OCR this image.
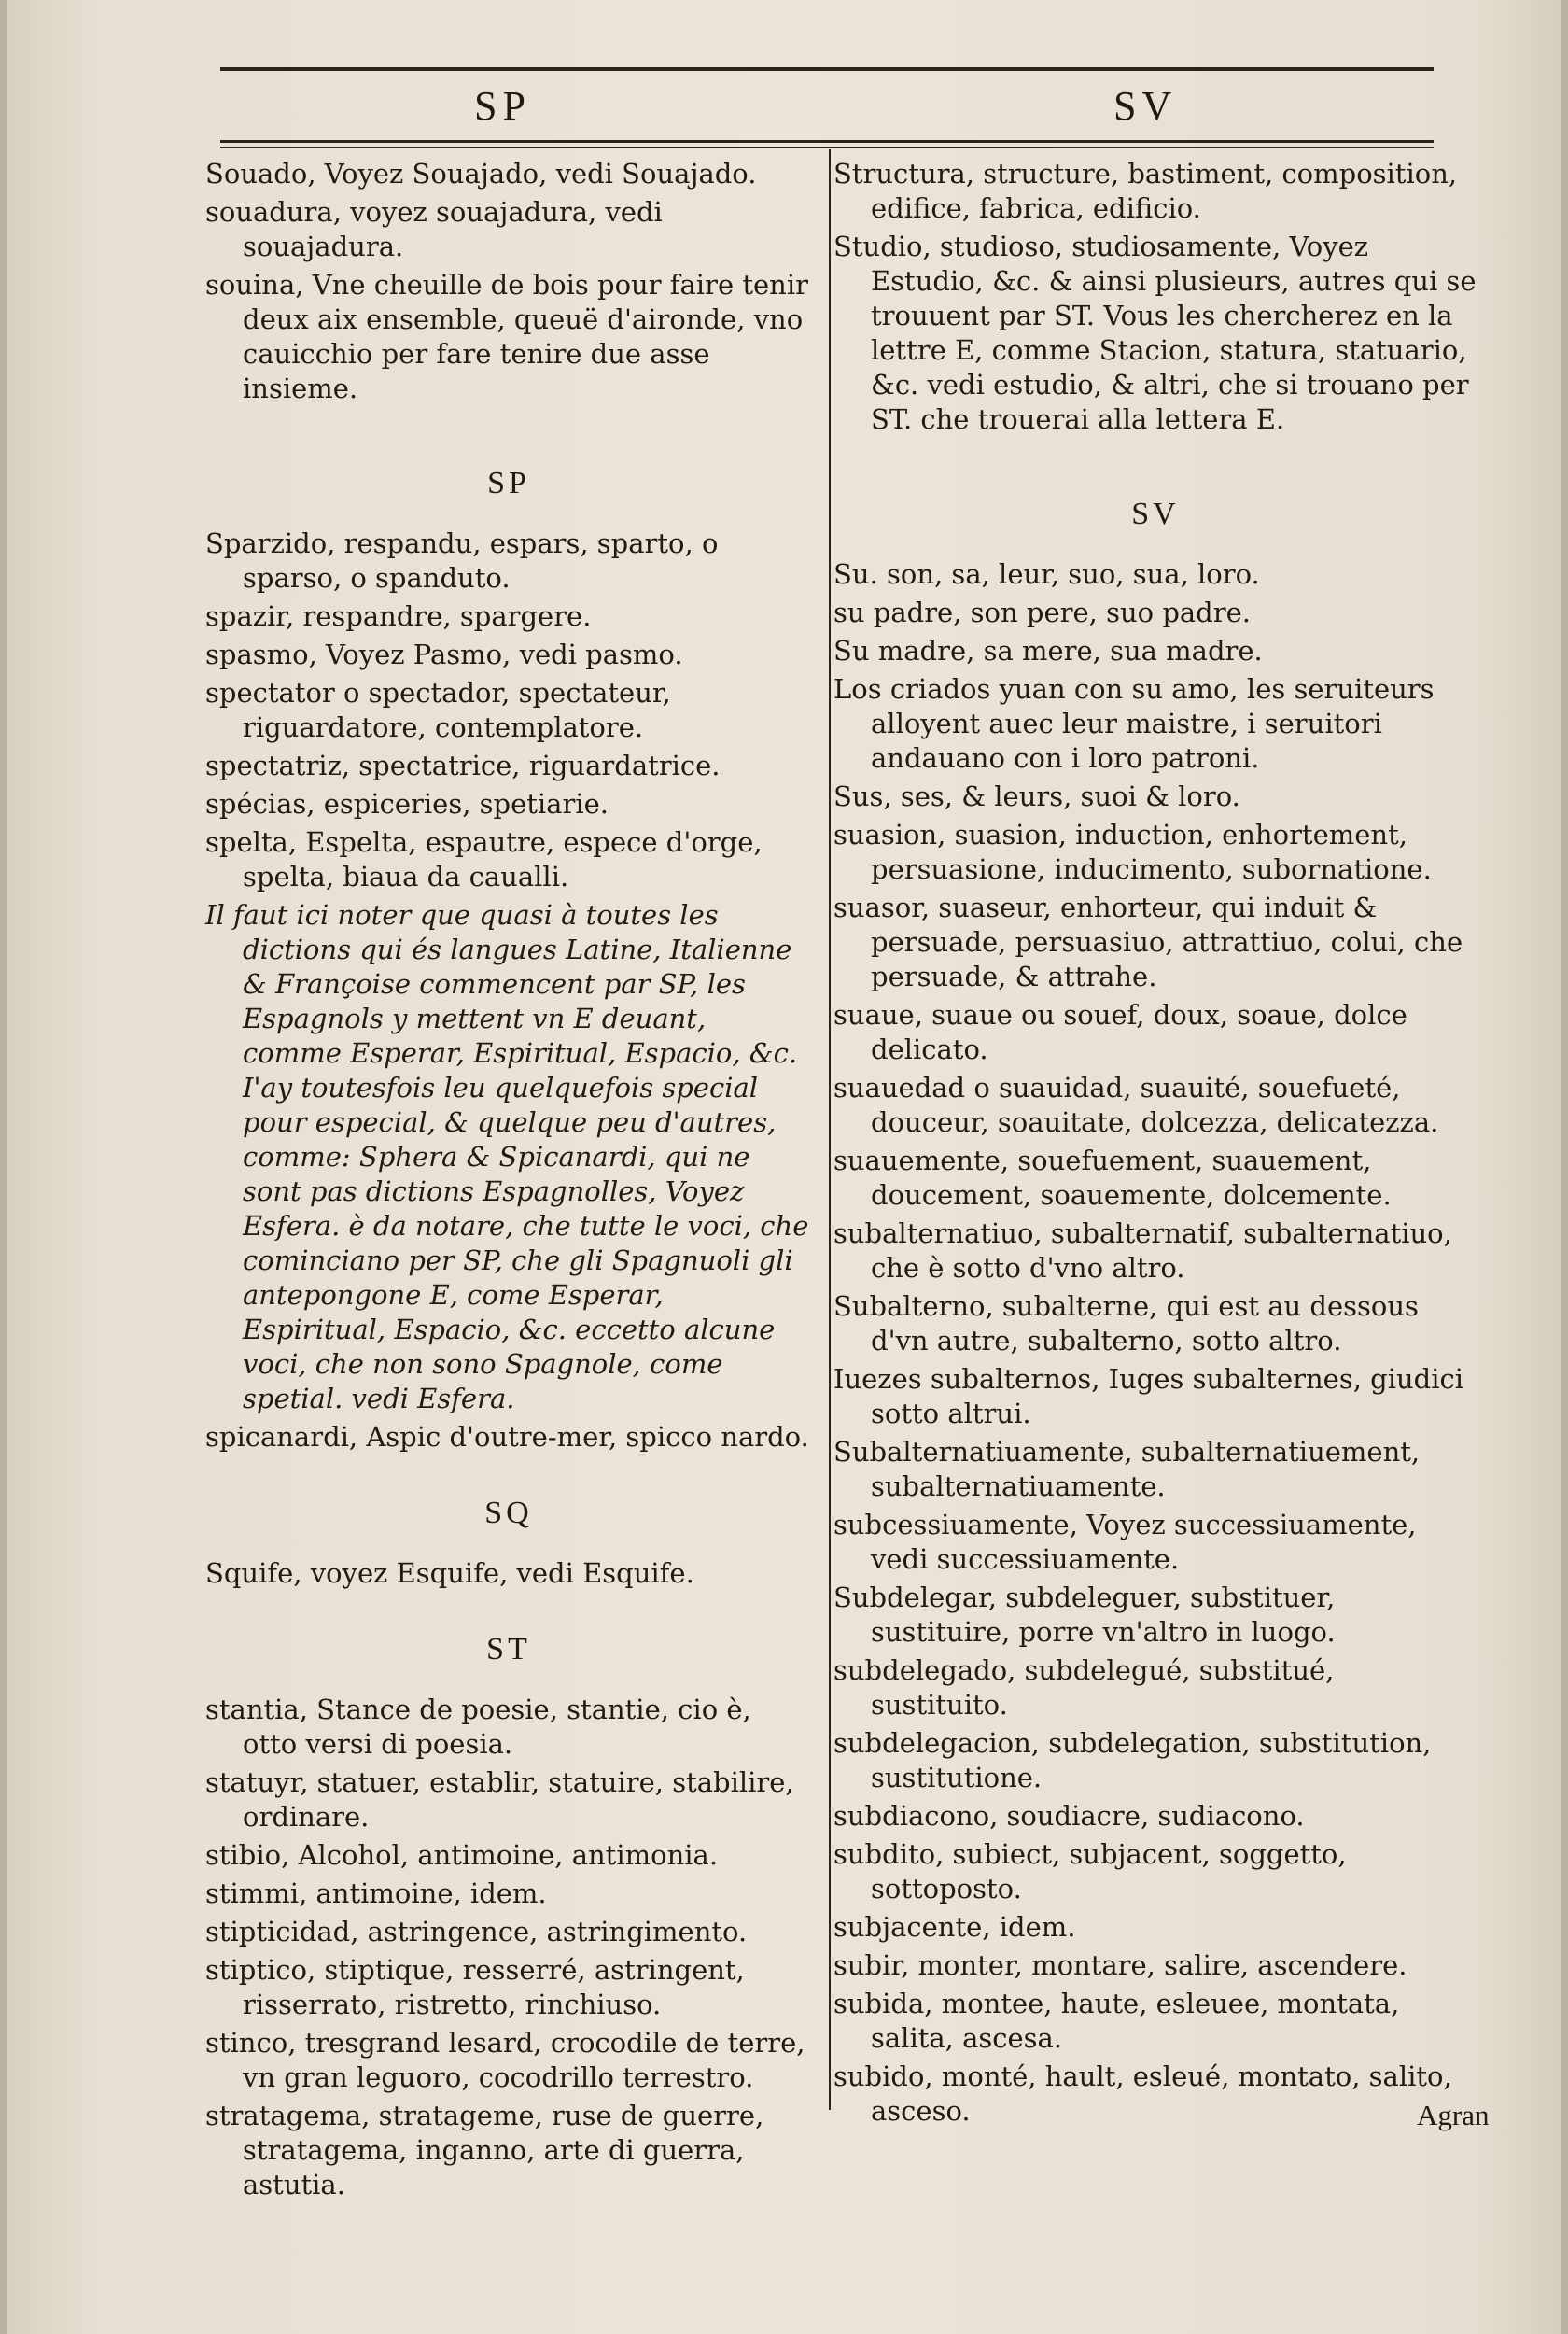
SP	SV
Souado, Voyez Souajado, vedi Souajado.
souadura, voyez souajadura, vedi souajadura.
souina, Vne cheuille de bois pour faire tenir deux aix ensemble, queuë d'aironde, vno cauicchio per fare tenire due asse insieme.
SP
Sparzido, respandu, espars, sparto, o sparso, o spanduto.
spazir, respandre, spargere.
spasmo, Voyez Pasmo, vedi pasmo.
spectator o spectador, spectateur, riguardatore, contemplatore.
spectatriz, spectatrice, riguardatrice.
spécias, espiceries, spetiarie.
spelta, Espelta, espautre, espece d'orge, spelta, biaua da caualli.
Il faut ici noter que quasi à toutes les dictions qui és langues Latine, Italienne & Françoise commencent par SP, les Espagnols y mettent vn E deuant, comme Esperar, Espiritual, Espacio, &c. I'ay toutesfois leu quelquefois special pour especial, & quelque peu d'autres, comme: Sphera & Spicanardi, qui ne sont pas dictions Espagnolles, Voyez Esfera. è da notare, che tutte le voci, che cominciano per SP, che gli Spagnuoli gli antepongone E, come Esperar, Espiritual, Espacio, &c. eccetto alcune voci, che non sono Spagnole, come spetial. vedi Esfera.
spicanardi, Aspic d'outre-mer, spicco nardo.
SQ
Squife, voyez Esquife, vedi Esquife.
ST
stantia, Stance de poesie, stantie, cio è, otto versi di poesia.
statuyr, statuer, establir, statuire, stabilire, ordinare.
stibio, Alcohol, antimoine, antimonia.
stimmi, antimoine, idem.
stipticidad, astringence, astringimento.
stiptico, stiptique, resserré, astringent, risserrato, ristretto, rinchiuso.
stinco, tresgrand lesard, crocodile de terre, vn gran leguoro, cocodrillo terrestro.
stratagema, stratageme, ruse de guerre, stratagema, inganno, arte di guerra, astutia.
Structura, structure, bastiment, composition, edifice, fabrica, edificio.
Studio, studioso, studiosamente, Voyez Estudio, &c. & ainsi plusieurs, autres qui se trouuent par ST. Vous les chercherez en la lettre E, comme Stacion, statura, statuario, &c. vedi estudio, & altri, che si trouano per ST. che trouerai alla lettera E.
SV
Su. son, sa, leur, suo, sua, loro.
su padre, son pere, suo padre.
Su madre, sa mere, sua madre.
Los criados yuan con su amo, les seruiteurs alloyent auec leur maistre, i seruitori andauano con i loro patroni.
Sus, ses, & leurs, suoi & loro.
suasion, suasion, induction, enhortement, persuasione, inducimento, subornatione.
suasor, suaseur, enhorteur, qui induit & persuade, persuasiuo, attrattiuo, colui, che persuade, & attrahe.
suaue, suaue ou souef, doux, soaue, dolce delicato.
suauedad o suauidad, suauité, souefueté, douceur, soauitate, dolcezza, delicatezza.
suauemente, souefuement, suauement, doucement, soauemente, dolcemente.
subalternatiuo, subalternatif, subalternatiuo, che è sotto d'vno altro.
Subalterno, subalterne, qui est au dessous d'vn autre, subalterno, sotto altro.
Iuezes subalternos, Iuges subalternes, giudici sotto altrui.
Subalternatiuamente, subalternatiuement, subalternatiuamente.
subcessiuamente, Voyez successiuamente, vedi successiuamente.
Subdelegar, subdeleguer, substituer, sustituire, porre vn'altro in luogo.
subdelegado, subdelegué, substitué, sustituito.
subdelegacion, subdelegation, substitution, sustitutione.
subdiacono, soudiacre, sudiacono.
subdito, subiect, subjacent, soggetto, sottoposto.
subjacente, idem.
subir, monter, montare, salire, ascendere.
subida, montee, haute, esleuee, montata, salita, ascesa.
subido, monté, hault, esleué, montato, salito, asceso.	Agran
